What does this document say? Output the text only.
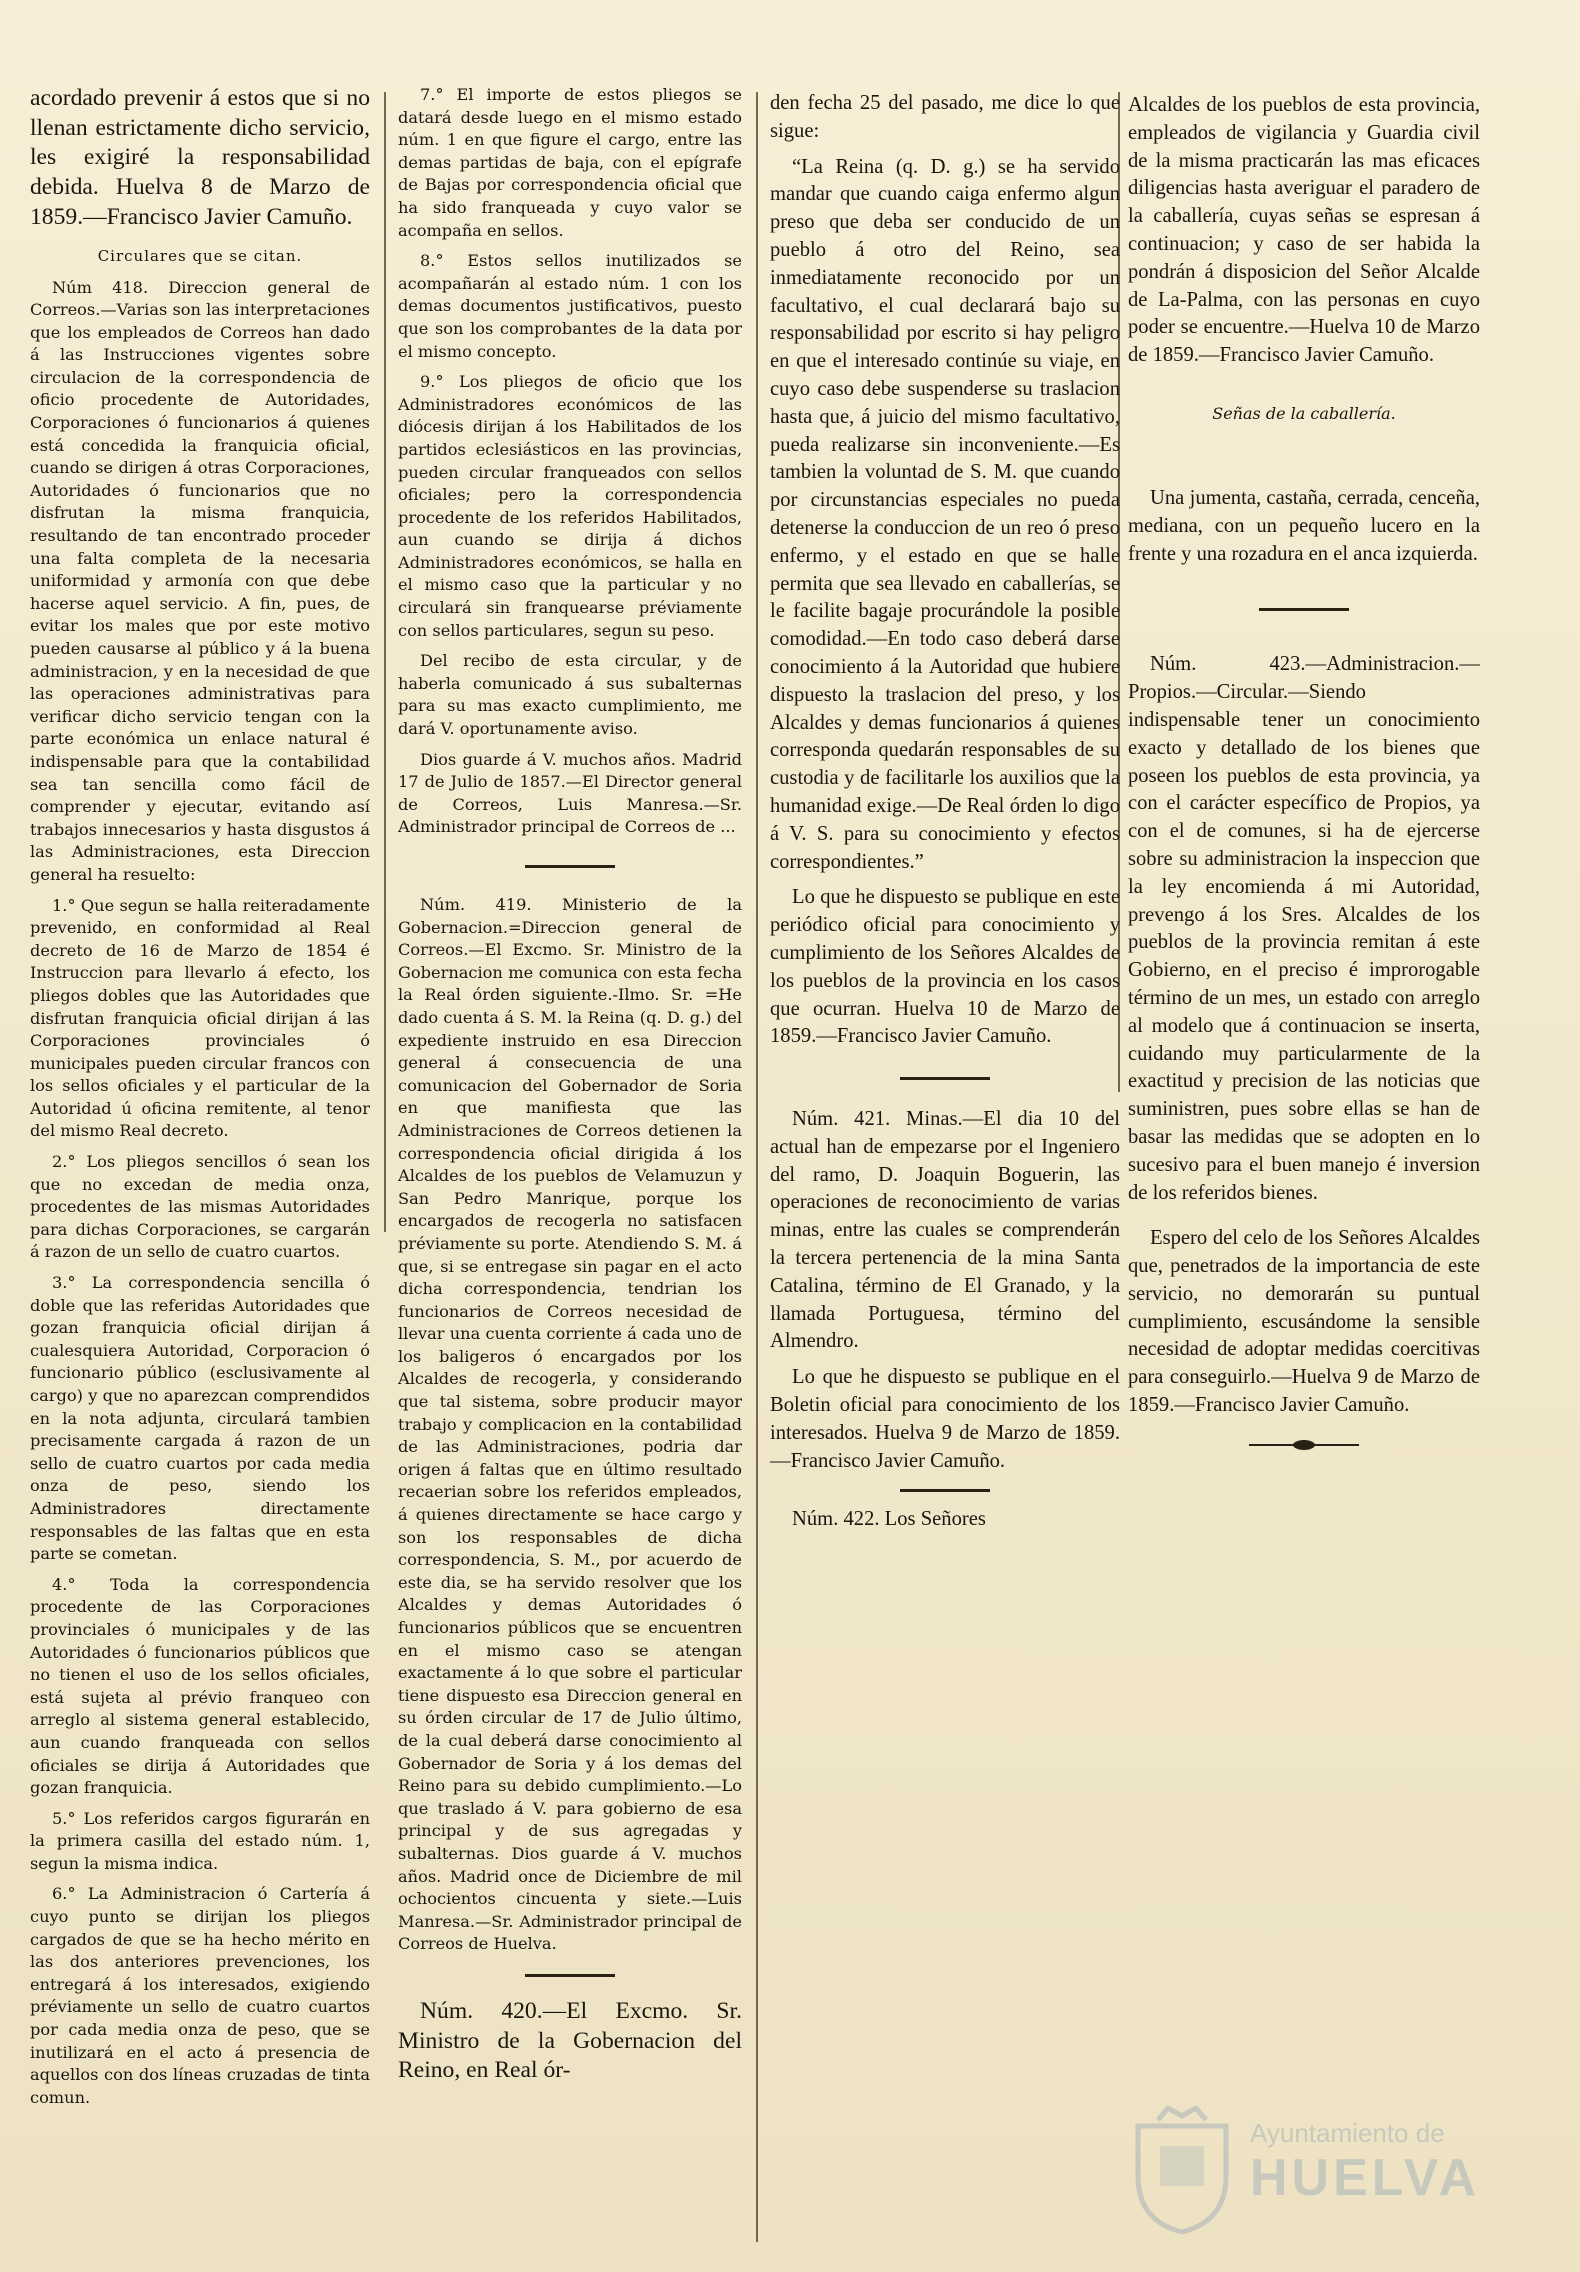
acordado prevenir á estos que si no llenan estrictamente dicho servicio, les exigiré la responsabilidad debida. Huelva 8 de Marzo de 1859.—Francisco Javier Camuño.

Circulares que se citan.

Núm 418. Direccion general de Correos.—Varias son las interpretaciones que los empleados de Correos han dado á las Instrucciones vigentes sobre circulacion de la correspondencia de oficio procedente de Autoridades, Corporaciones ó funcionarios á quienes está concedida la franquicia oficial, cuando se dirigen á otras Corporaciones, Autoridades ó funcionarios que no disfrutan la misma franquicia, resultando de tan encontrado proceder una falta completa de la necesaria uniformidad y armonía con que debe hacerse aquel servicio. A fin, pues, de evitar los males que por este motivo pueden causarse al público y á la buena administracion, y en la necesidad de que las operaciones administrativas para verificar dicho servicio tengan con la parte económica un enlace natural é indispensable para que la contabilidad sea tan sencilla como fácil de comprender y ejecutar, evitando así trabajos innecesarios y hasta disgustos á las Administraciones, esta Direccion general ha resuelto:

1.° Que segun se halla reiteradamente prevenido, en conformidad al Real decreto de 16 de Marzo de 1854 é Instruccion para llevarlo á efecto, los pliegos dobles que las Autoridades que disfrutan franquicia oficial dirijan á las Corporaciones provinciales ó municipales pueden circular francos con los sellos oficiales y el particular de la Autoridad ú oficina remitente, al tenor del mismo Real decreto.

2.° Los pliegos sencillos ó sean los que no excedan de media onza, procedentes de las mismas Autoridades para dichas Corporaciones, se cargarán á razon de un sello de cuatro cuartos.

3.° La correspondencia sencilla ó doble que las referidas Autoridades que gozan franquicia oficial dirijan á cualesquiera Autoridad, Corporacion ó funcionario público (esclusivamente al cargo) y que no aparezcan comprendidos en la nota adjunta, circulará tambien precisamente cargada á razon de un sello de cuatro cuartos por cada media onza de peso, siendo los Administradores directamente responsables de las faltas que en esta parte se cometan.

4.° Toda la correspondencia procedente de las Corporaciones provinciales ó municipales y de las Autoridades ó funcionarios públicos que no tienen el uso de los sellos oficiales, está sujeta al prévio franqueo con arreglo al sistema general establecido, aun cuando franqueada con sellos oficiales se dirija á Autoridades que gozan franquicia.

5.° Los referidos cargos figurarán en la primera casilla del estado núm. 1, segun la misma indica.

6.° La Administracion ó Cartería á cuyo punto se dirijan los pliegos cargados de que se ha hecho mérito en las dos anteriores prevenciones, los entregará á los interesados, exigiendo préviamente un sello de cuatro cuartos por cada media onza de peso, que se inutilizará en el acto á presencia de aquellos con dos líneas cruzadas de tinta comun.

7.° El importe de estos pliegos se datará desde luego en el mismo estado núm. 1 en que figure el cargo, entre las demas partidas de baja, con el epígrafe de Bajas por correspondencia oficial que ha sido franqueada y cuyo valor se acompaña en sellos.

8.° Estos sellos inutilizados se acompañarán al estado núm. 1 con los demas documentos justificativos, puesto que son los comprobantes de la data por el mismo concepto.

9.° Los pliegos de oficio que los Administradores económicos de las diócesis dirijan á los Habilitados de los partidos eclesiásticos en las provincias, pueden circular franqueados con sellos oficiales; pero la correspondencia procedente de los referidos Habilitados, aun cuando se dirija á dichos Administradores económicos, se halla en el mismo caso que la particular y no circulará sin franquearse préviamente con sellos particulares, segun su peso.

Del recibo de esta circular, y de haberla comunicado á sus subalternas para su mas exacto cumplimiento, me dará V. oportunamente aviso.

Dios guarde á V. muchos años. Madrid 17 de Julio de 1857.—El Director general de Correos, Luis Manresa.—Sr. Administrador principal de Correos de ...

Núm. 419. Ministerio de la Gobernacion.=Direccion general de Correos.—El Excmo. Sr. Ministro de la Gobernacion me comunica con esta fecha la Real órden siguiente.-Ilmo. Sr. =He dado cuenta á S. M. la Reina (q. D. g.) del expediente instruido en esa Direccion general á consecuencia de una comunicacion del Gobernador de Soria en que manifiesta que las Administraciones de Correos detienen la correspondencia oficial dirigida á los Alcaldes de los pueblos de Velamuzun y San Pedro Manrique, porque los encargados de recogerla no satisfacen préviamente su porte. Atendiendo S. M. á que, si se entregase sin pagar en el acto dicha correspondencia, tendrian los funcionarios de Correos necesidad de llevar una cuenta corriente á cada uno de los baligeros ó encargados por los Alcaldes de recogerla, y considerando que tal sistema, sobre producir mayor trabajo y complicacion en la contabilidad de las Administraciones, podria dar origen á faltas que en último resultado recaerian sobre los referidos empleados, á quienes directamente se hace cargo y son los responsables de dicha correspondencia, S. M., por acuerdo de este dia, se ha servido resolver que los Alcaldes y demas Autoridades ó funcionarios públicos que se encuentren en el mismo caso se atengan exactamente á lo que sobre el particular tiene dispuesto esa Direccion general en su órden circular de 17 de Julio último, de la cual deberá darse conocimiento al Gobernador de Soria y á los demas del Reino para su debido cumplimiento.—Lo que traslado á V. para gobierno de esa principal y de sus agregadas y subalternas. Dios guarde á V. muchos años. Madrid once de Diciembre de mil ochocientos cincuenta y siete.—Luis Manresa.—Sr. Administrador principal de Correos de Huelva.

Núm. 420.—El Excmo. Sr. Ministro de la Gobernacion del Reino, en Real ór-

den fecha 25 del pasado, me dice lo que sigue:

“La Reina (q. D. g.) se ha servido mandar que cuando caiga enfermo algun preso que deba ser conducido de un pueblo á otro del Reino, sea inmediatamente reconocido por un facultativo, el cual declarará bajo su responsabilidad por escrito si hay peligro en que el interesado continúe su viaje, en cuyo caso debe suspenderse su traslacion hasta que, á juicio del mismo facultativo, pueda realizarse sin inconveniente.—Es tambien la voluntad de S. M. que cuando por circunstancias especiales no pueda detenerse la conduccion de un reo ó preso enfermo, y el estado en que se halle permita que sea llevado en caballerías, se le facilite bagaje procurándole la posible comodidad.—En todo caso deberá darse conocimiento á la Autoridad que hubiere dispuesto la traslacion del preso, y los Alcaldes y demas funcionarios á quienes corresponda quedarán responsables de su custodia y de facilitarle los auxilios que la humanidad exige.—De Real órden lo digo á V. S. para su conocimiento y efectos correspondientes.”

Lo que he dispuesto se publique en este periódico oficial para conocimiento y cumplimiento de los Señores Alcaldes de los pueblos de la provincia en los casos que ocurran. Huelva 10 de Marzo de 1859.—Francisco Javier Camuño.

Núm. 421. Minas.—El dia 10 del actual han de empezarse por el Ingeniero del ramo, D. Joaquin Boguerin, las operaciones de reconocimiento de varias minas, entre las cuales se comprenderán la tercera pertenencia de la mina Santa Catalina, término de El Granado, y la llamada Portuguesa, término del Almendro.

Lo que he dispuesto se publique en el Boletin oficial para conocimiento de los interesados. Huelva 9 de Marzo de 1859.—Francisco Javier Camuño.

Núm. 422. Los Señores

Alcaldes de los pueblos de esta provincia, empleados de vigilancia y Guardia civil de la misma practicarán las mas eficaces diligencias hasta averiguar el paradero de la caballería, cuyas señas se espresan á continuacion; y caso de ser habida la pondrán á disposicion del Señor Alcalde de La-Palma, con las personas en cuyo poder se encuentre.—Huelva 10 de Marzo de 1859.—Francisco Javier Camuño.

Señas de la caballería.

Una jumenta, castaña, cerrada, cenceña, mediana, con un pequeño lucero en la frente y una rozadura en el anca izquierda.

Núm. 423.—Administracion.—Propios.—Circular.—Siendo indispensable tener un conocimiento exacto y detallado de los bienes que poseen los pueblos de esta provincia, ya con el carácter específico de Propios, ya con el de comunes, si ha de ejercerse sobre su administracion la inspeccion que la ley encomienda á mi Autoridad, prevengo á los Sres. Alcaldes de los pueblos de la provincia remitan á este Gobierno, en el preciso é improrogable término de un mes, un estado con arreglo al modelo que á continuacion se inserta, cuidando muy particularmente de la exactitud y precision de las noticias que suministren, pues sobre ellas se han de basar las medidas que se adopten en lo sucesivo para el buen manejo é inversion de los referidos bienes.

Espero del celo de los Señores Alcaldes que, penetrados de la importancia de este servicio, no demorarán su puntual cumplimiento, escusándome la sensible necesidad de adoptar medidas coercitivas para conseguirlo.—Huelva 9 de Marzo de 1859.—Francisco Javier Camuño.

Ayuntamiento de
HUELVA
